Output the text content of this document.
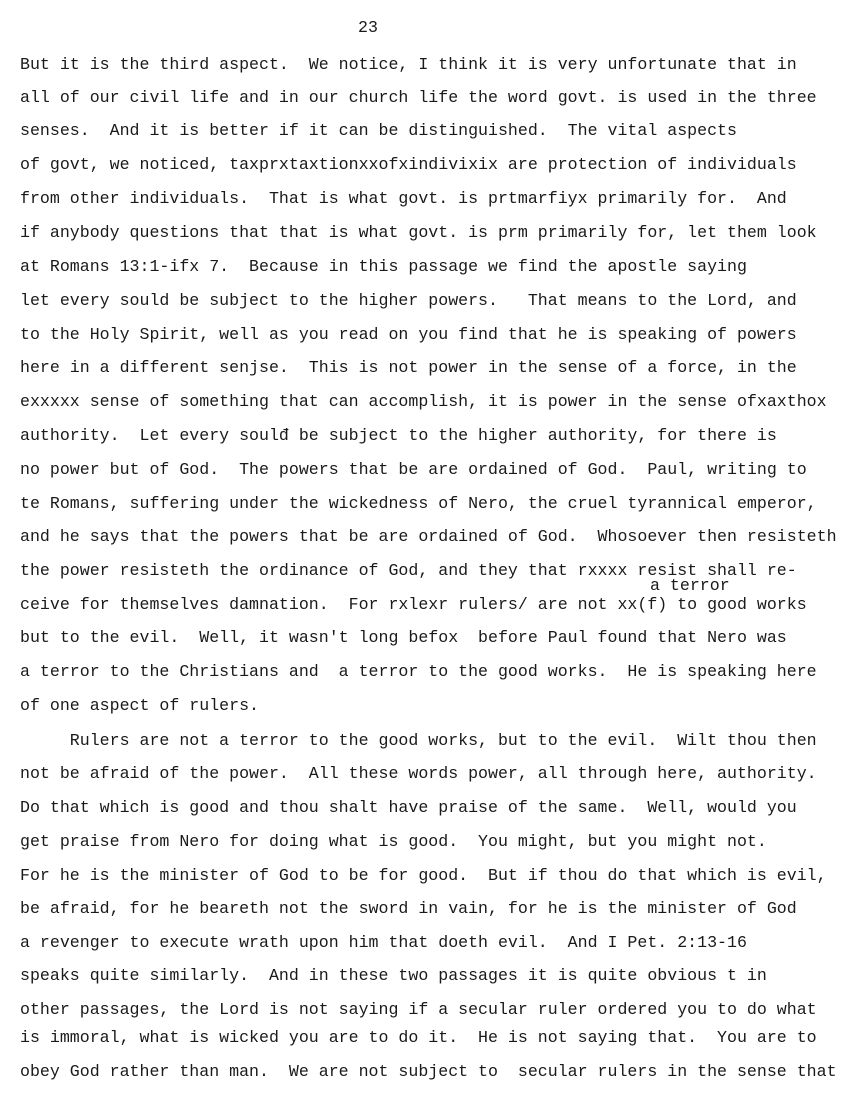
23
a terror
But it is the third aspect.  We notice, I think it is very unfortunate that in
all of our civil life and in our church life the word govt. is used in the three
senses.  And it is better if it can be distinguished.  The vital aspects
of govt, we noticed, taxprxtaxtionxxofxindivixix are protection of individuals
from other individuals.  That is what govt. is prtmarfiyx primarily for.  And
if anybody questions that that is what govt. is prm primarily for, let them look
at Romans 13:1-ifx 7.  Because in this passage we find the apostle saying
let every sould be subject to the higher powers.   That means to the Lord, and
to the Holy Spirit, well as you read on you find that he is speaking of powers
here in a different senjse.  This is not power in the sense of a force, in the
exxxxx sense of something that can accomplish, it is power in the sense ofxaxthox
authority.  Let every soulđ be subject to the higher authority, for there is
no power but of God.  The powers that be are ordained of God.  Paul, writing to
te Romans, suffering under the wickedness of Nero, the cruel tyrannical emperor,
and he says that the powers that be are ordained of God.  Whosoever then resisteth
the power resisteth the ordinance of God, and they that rxxxx resist shall re-
ceive for themselves damnation.  For rxlexr rulers/ are not xx(f) to good works
but to the evil.  Well, it wasn't long befox  before Paul found that Nero was
a terror to the Christians and  a terror to the good works.  He is speaking here
of one aspect of rulers.
Rulers are not a terror to the good works, but to the evil.  Wilt thou then
not be afraid of the power.  All these words power, all through here, authority.
Do that which is good and thou shalt have praise of the same.  Well, would you
get praise from Nero for doing what is good.  You might, but you might not.
For he is the minister of God to be for good.  But if thou do that which is evil,
be afraid, for he beareth not the sword in vain, for he is the minister of God
a revenger to execute wrath upon him that doeth evil.  And I Pet. 2:13-16
speaks quite similarly.  And in these two passages it is quite obvious t in
other passages, the Lord is not saying if a secular ruler ordered you to do what
is immoral, what is wicked you are to do it.  He is not saying that.  You are to
obey God rather than man.  We are not subject to  secular rulers in the sense that
